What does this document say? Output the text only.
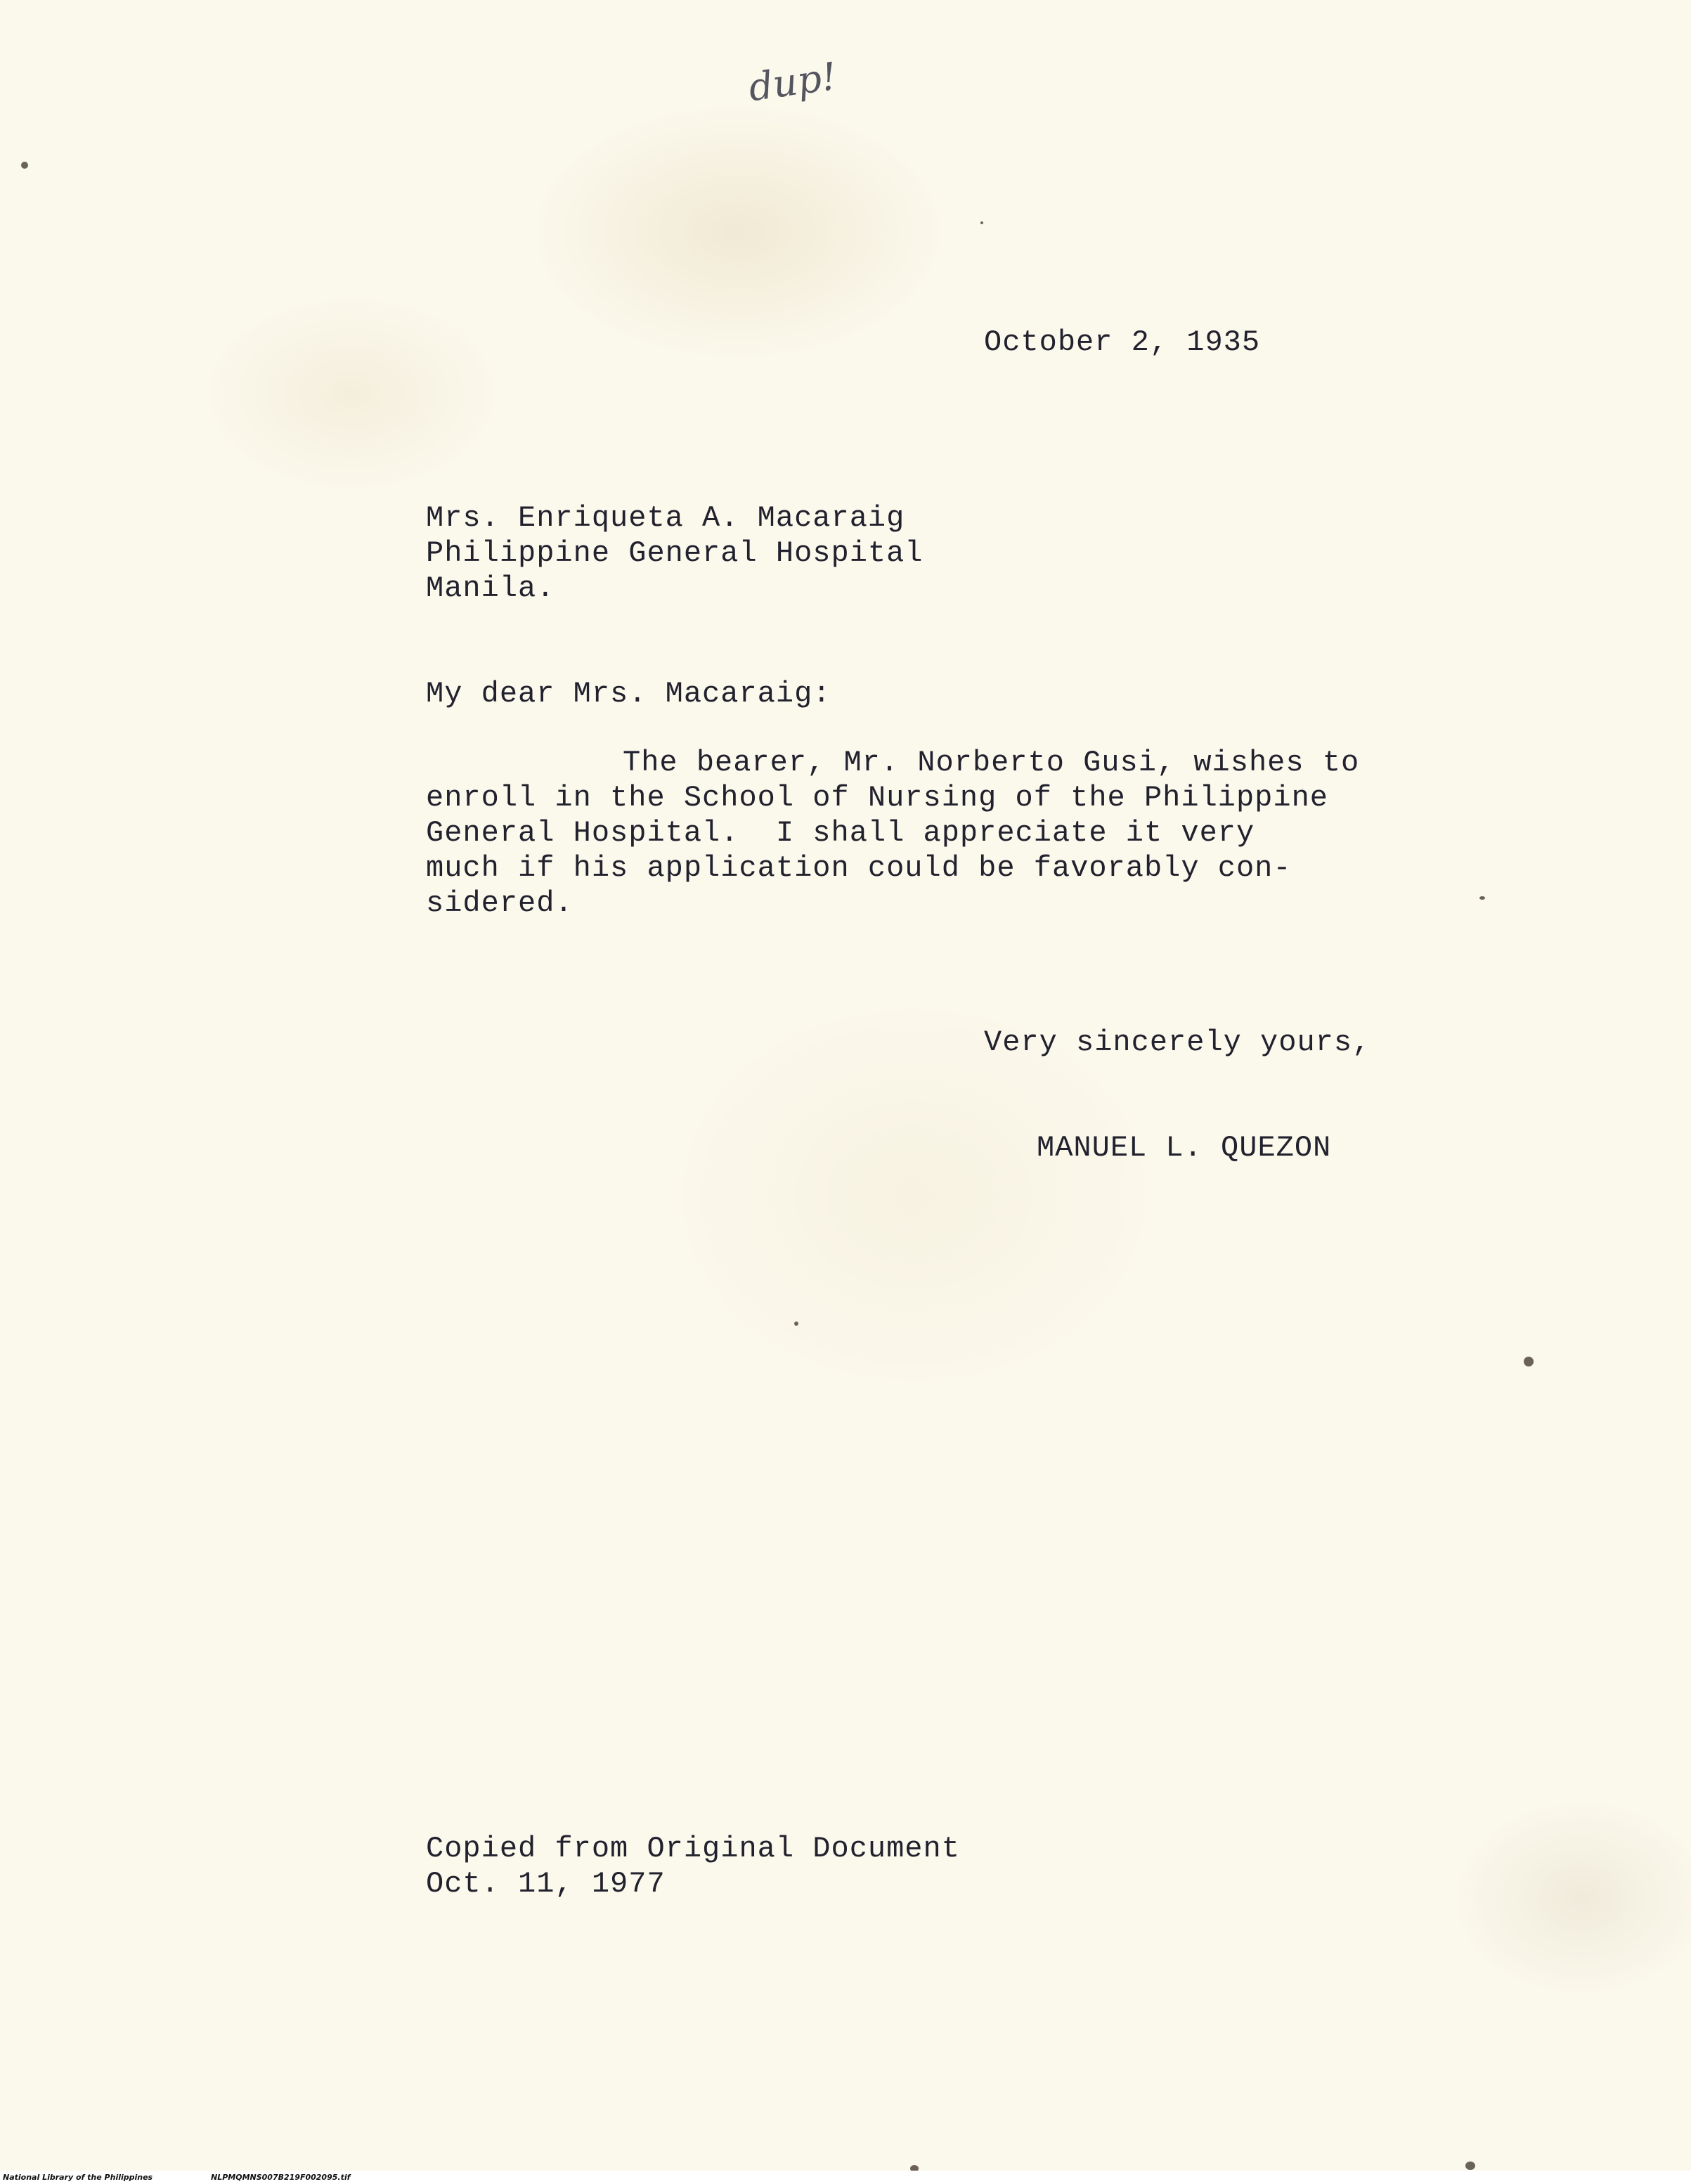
dup!
October 2, 1935
Mrs. Enriqueta A. Macaraig
Philippine General Hospital
Manila.
My dear Mrs. Macaraig:
The bearer, Mr. Norberto Gusi, wishes to
enroll in the School of Nursing of the Philippine
General Hospital.  I shall appreciate it very
much if his application could be favorably con-
sidered.
Very sincerely yours,
MANUEL L. QUEZON
Copied from Original Document
Oct. 11, 1977
National Library of the Philippines	NLPMQMNS007B219F002095.tif
